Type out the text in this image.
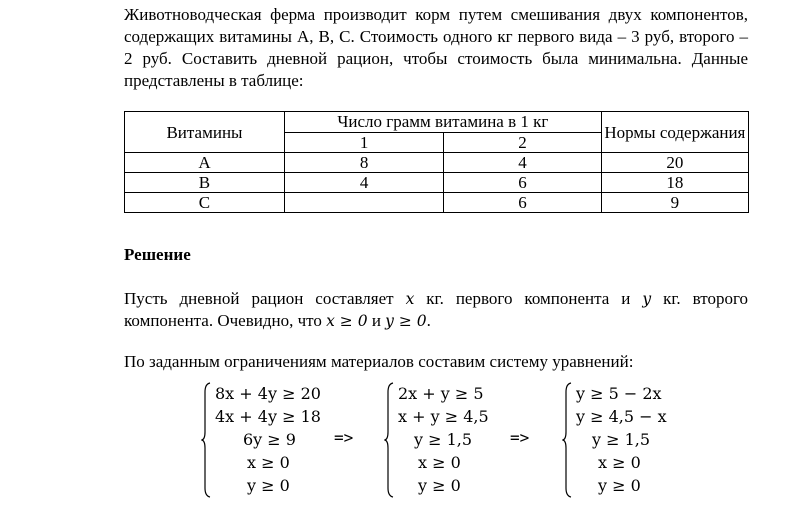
Животноводческая ферма производит корм путем смешивания двух компонентов, содержащих витамины A, B, C. Стоимость одного кг первого вида – 3 руб, второго – 2 руб. Составить дневной рацион, чтобы стоимость была минимальна. Данные представлены в таблице:
Витамины	Число грамм витамина в 1 кг		Нормы содержания
	1	2	
A	8	4	20
B	4	6	18
C		6	9
Решение
Пусть дневной рацион составляет x кг. первого компонента и y кг. второго компонента. Очевидно, что x ≥ 0 и y ≥ 0.
По заданным ограничениям материалов составим систему уравнений:
8x + 4y ≥ 20
4x + 4y ≥ 18
6y ≥ 9
x ≥ 0
y ≥ 0
=>
2x + y ≥ 5
x + y ≥ 4,5
y ≥ 1,5
x ≥ 0
y ≥ 0
=>
y ≥ 5 − 2x
y ≥ 4,5 − x
y ≥ 1,5
x ≥ 0
y ≥ 0
